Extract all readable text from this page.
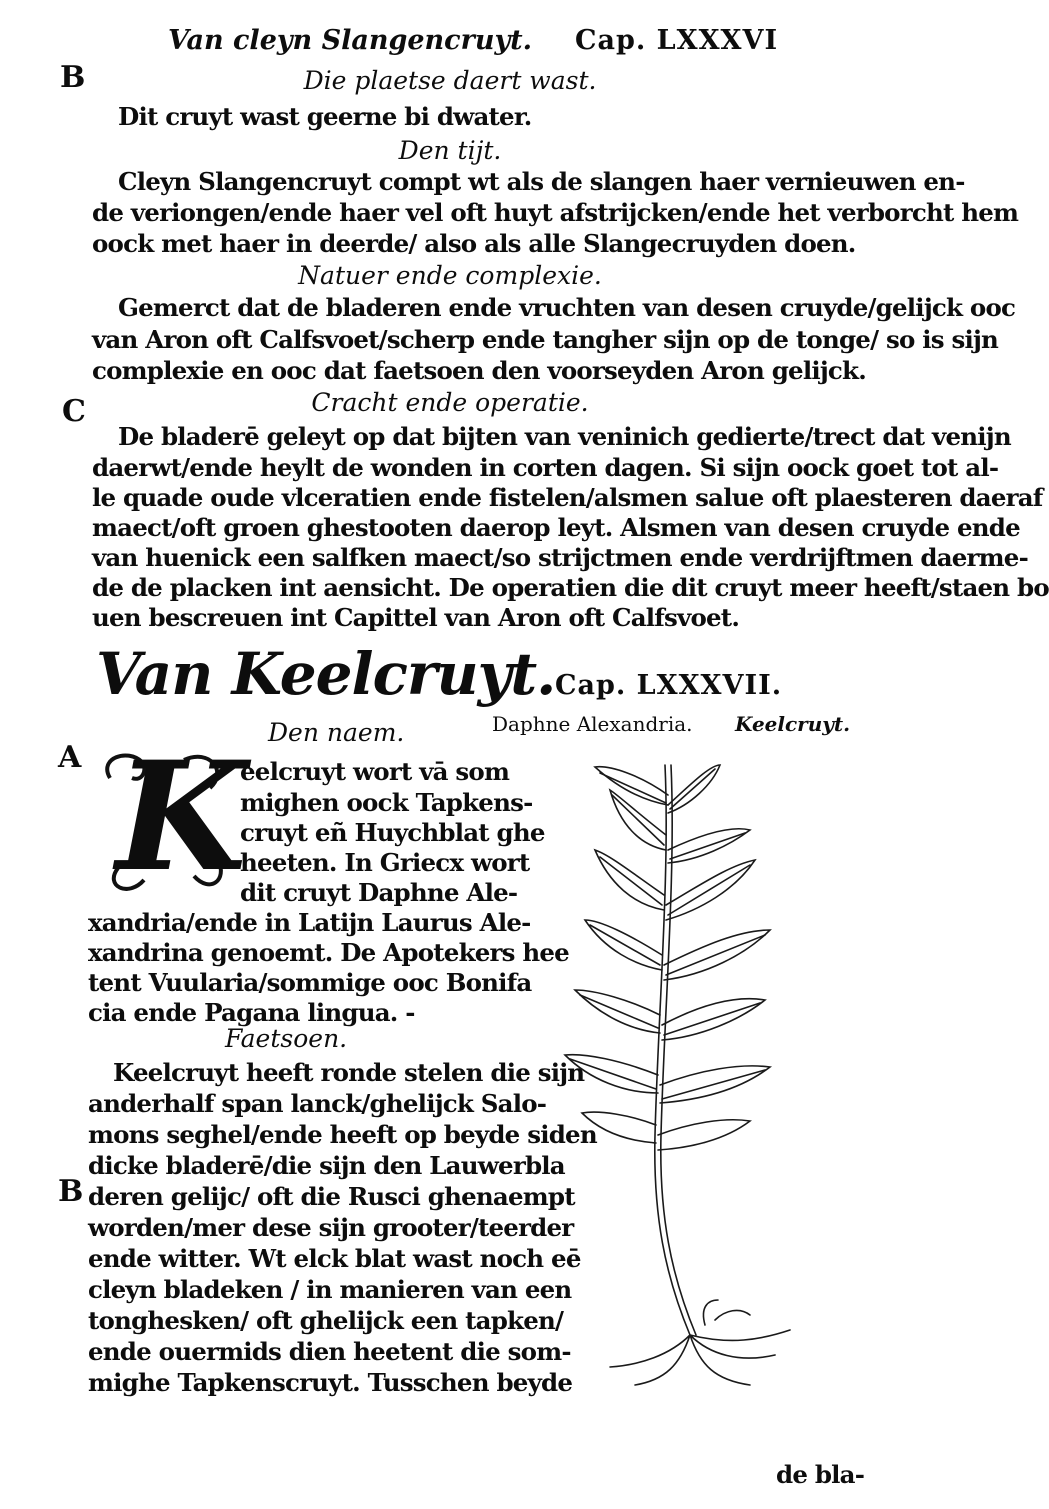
Van cleyn Slangencruyt. Cap. LXXXVI
B	Die plaetse daert wast.
Dit cruyt wast geerne bi dwater.
Den tijt.
Cleyn Slangencruyt compt wt als de slangen haer vernieuwen en-
de veriongen/ende haer vel oft huyt afstrijcken/ende het verborcht hem
oock met haer in deerde/ also als alle Slangecruyden doen.
Natuer ende complexie.
Gemerct dat de bladeren ende vruchten van desen cruyde/gelijck ooc
van Aron oft Calfsvoet/scherp ende tangher sijn op de tonge/ so is sijn
complexie en ooc dat faetsoen den voorseyden Aron gelijck.
C	Cracht ende operatie.
De bladerē geleyt op dat bijten van veninich gedierte/trect dat venijn
daerwt/ende heylt de wonden in corten dagen. Si sijn oock goet tot al-
le quade oude vlceratien ende fistelen/alsmen salue oft plaesteren daeraf
maect/oft groen ghestooten daerop leyt. Alsmen van desen cruyde ende
van huenick een salfken maect/so strijctmen ende verdrijftmen daerme-
de de placken int aensicht. De operatien die dit cruyt meer heeft/staen bo
uen bescreuen int Capittel van Aron oft Calfsvoet.
Van Keelcruyt. Cap. LXXXVII.
Den naem.	Daphne Alexandria. Keelcruyt.
A K
eelcruyt wort vā som
mighen oock Tapkens-
cruyt eñ Huychblat ghe
heeten. In Griecx wort
dit cruyt Daphne Ale-
xandria/ende in Latijn Laurus Ale-
xandrina genoemt. De Apotekers hee
tent Vuularia/sommige ooc Bonifa
cia ende Pagana lingua. -
Faetsoen.
Keelcruyt heeft ronde stelen die sijn
anderhalf span lanck/ghelijck Salo-
mons seghel/ende heeft op beyde siden
dicke bladerē/die sijn den Lauwerbla
B deren gelijc/ oft die Rusci ghenaempt
worden/mer dese sijn grooter/teerder
ende witter. Wt elck blat wast noch eē
cleyn bladeken / in manieren van een
tonghesken/ oft ghelijck een tapken/
ende ouermids dien heetent die som-
mighe Tapkenscruyt. Tusschen beyde
de bla-
